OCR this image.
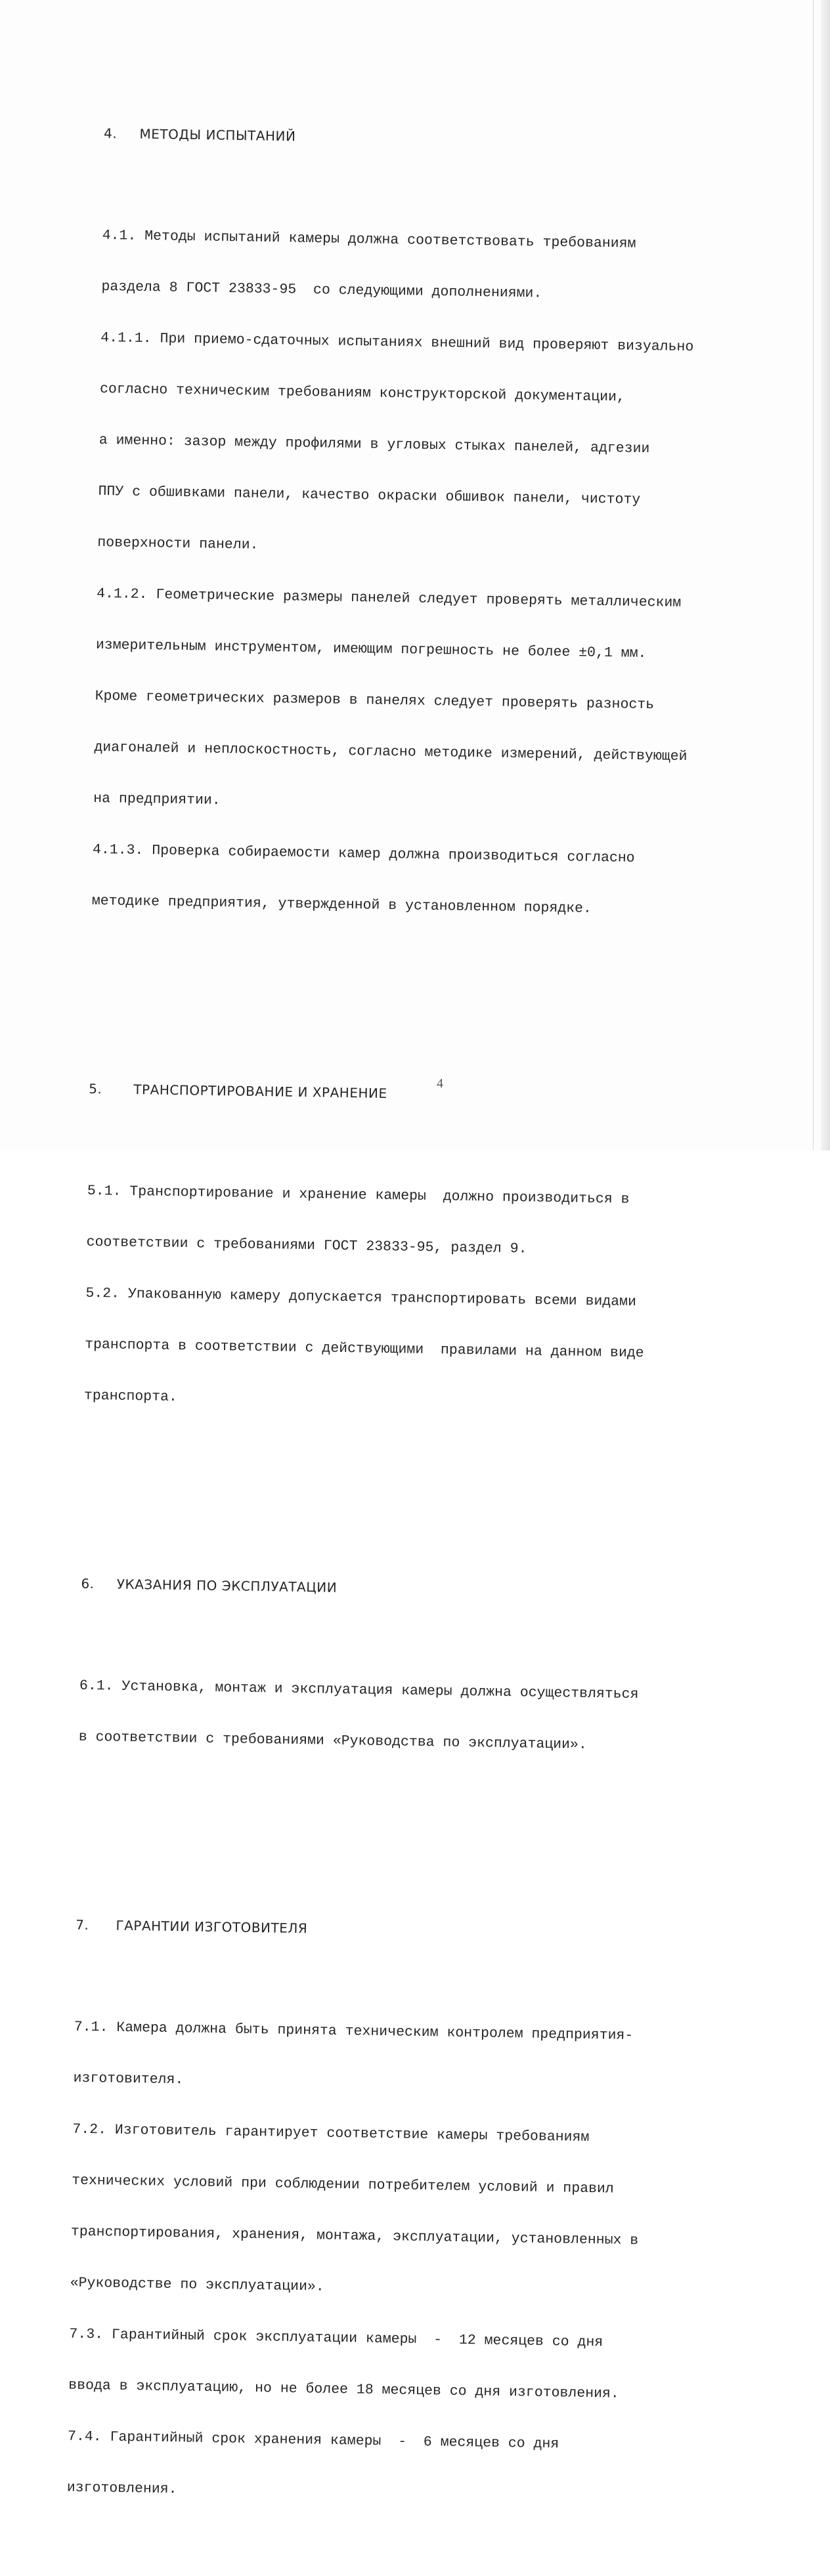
4.     МЕТОДЫ ИСПЫТАНИЙ

4.1. Методы испытаний камеры должна соответствовать требованиям

раздела 8 ГОСТ 23833-95  со следующими дополнениями.

4.1.1. При приемо-сдаточных испытаниях внешний вид проверяют визуально

согласно техническим требованиям конструкторской документации,

а именно: зазор между профилями в угловых стыках панелей, адгезии

ППУ с обшивками панели, качество окраски обшивок панели, чистоту

поверхности панели.

4.1.2. Геометрические размеры панелей следует проверять металлическим

измерительным инструментом, имеющим погрешность не более ±0,1 мм.

Кроме геометрических размеров в панелях следует проверять разность

диагоналей и неплоскостность, согласно методике измерений, действующей

на предприятии.

4.1.3. Проверка собираемости камер должна производиться согласно

методике предприятия, утвержденной в установленном порядке.

5.       ТРАНСПОРТИРОВАНИЕ И ХРАНЕНИЕ

5.1. Транспортирование и хранение камеры  должно производиться в

соответствии с требованиями ГОСТ 23833-95, раздел 9.

5.2. Упакованную камеру допускается транспортировать всеми видами

транспорта в соответствии с действующими  правилами на данном виде

транспорта.

6.     УКАЗАНИЯ ПО ЭКСПЛУАТАЦИИ

6.1. Установка, монтаж и эксплуатация камеры должна осуществляться

в соответствии с требованиями «Руководства по эксплуатации».

7.      ГАРАНТИИ ИЗГОТОВИТЕЛЯ

7.1. Камера должна быть принята техническим контролем предприятия-

изготовителя.

7.2. Изготовитель гарантирует соответствие камеры требованиям

технических условий при соблюдении потребителем условий и правил

транспортирования, хранения, монтажа, эксплуатации, установленных в

«Руководстве по эксплуатации».

7.3. Гарантийный срок эксплуатации камеры  -  12 месяцев со дня

ввода в эксплуатацию, но не более 18 месяцев со дня изготовления.

7.4. Гарантийный срок хранения камеры  -  6 месяцев со дня

изготовления.

4
